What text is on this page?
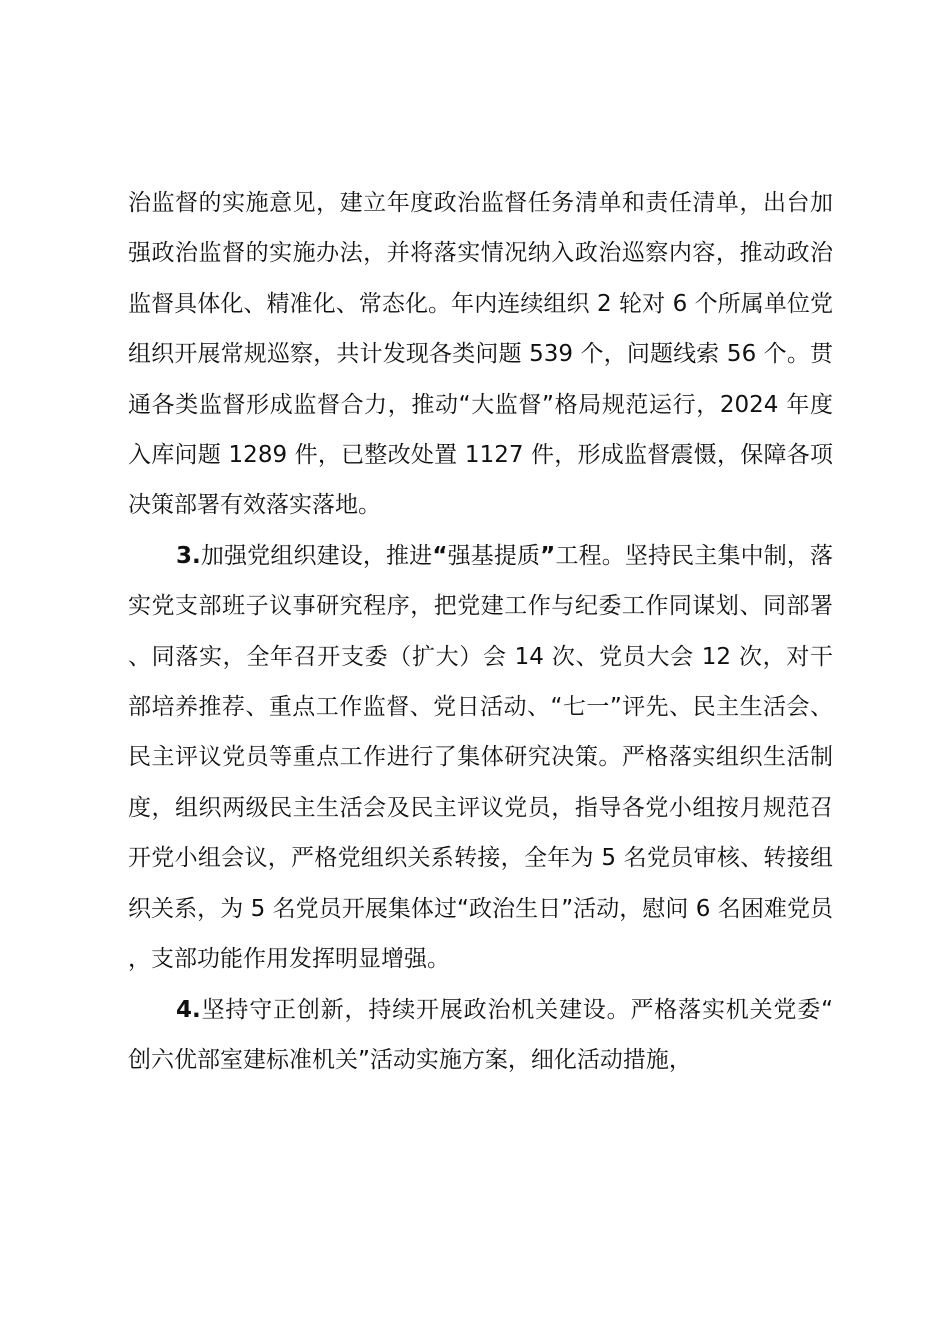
治监督的实施意见，建立年度政治监督任务清单和责任清单，出台加强政治监督的实施办法，并将落实情况纳入政治巡察内容，推动政治监督具体化、精准化、常态化。年内连续组织 2 轮对 6 个所属单位党组织开展常规巡察，共计发现各类问题 539 个，问题线索 56 个。贯通各类监督形成监督合力，推动“大监督”格局规范运行，2024 年度入库问题 1289 件，已整改处置 1127 件，形成监督震慑，保障各项决策部署有效落实落地。

3.加强党组织建设，推进“强基提质”工程。坚持民主集中制，落实党支部班子议事研究程序，把党建工作与纪委工作同谋划、同部署、同落实，全年召开支委（扩大）会 14 次、党员大会 12 次，对干部培养推荐、重点工作监督、党日活动、“七一”评先、民主生活会、民主评议党员等重点工作进行了集体研究决策。严格落实组织生活制度，组织两级民主生活会及民主评议党员，指导各党小组按月规范召开党小组会议，严格党组织关系转接，全年为 5 名党员审核、转接组织关系，为 5 名党员开展集体过“政治生日”活动，慰问 6 名困难党员，支部功能作用发挥明显增强。

4.坚持守正创新，持续开展政治机关建设。严格落实机关党委“创六优部室建标准机关”活动实施方案，细化活动措施，
